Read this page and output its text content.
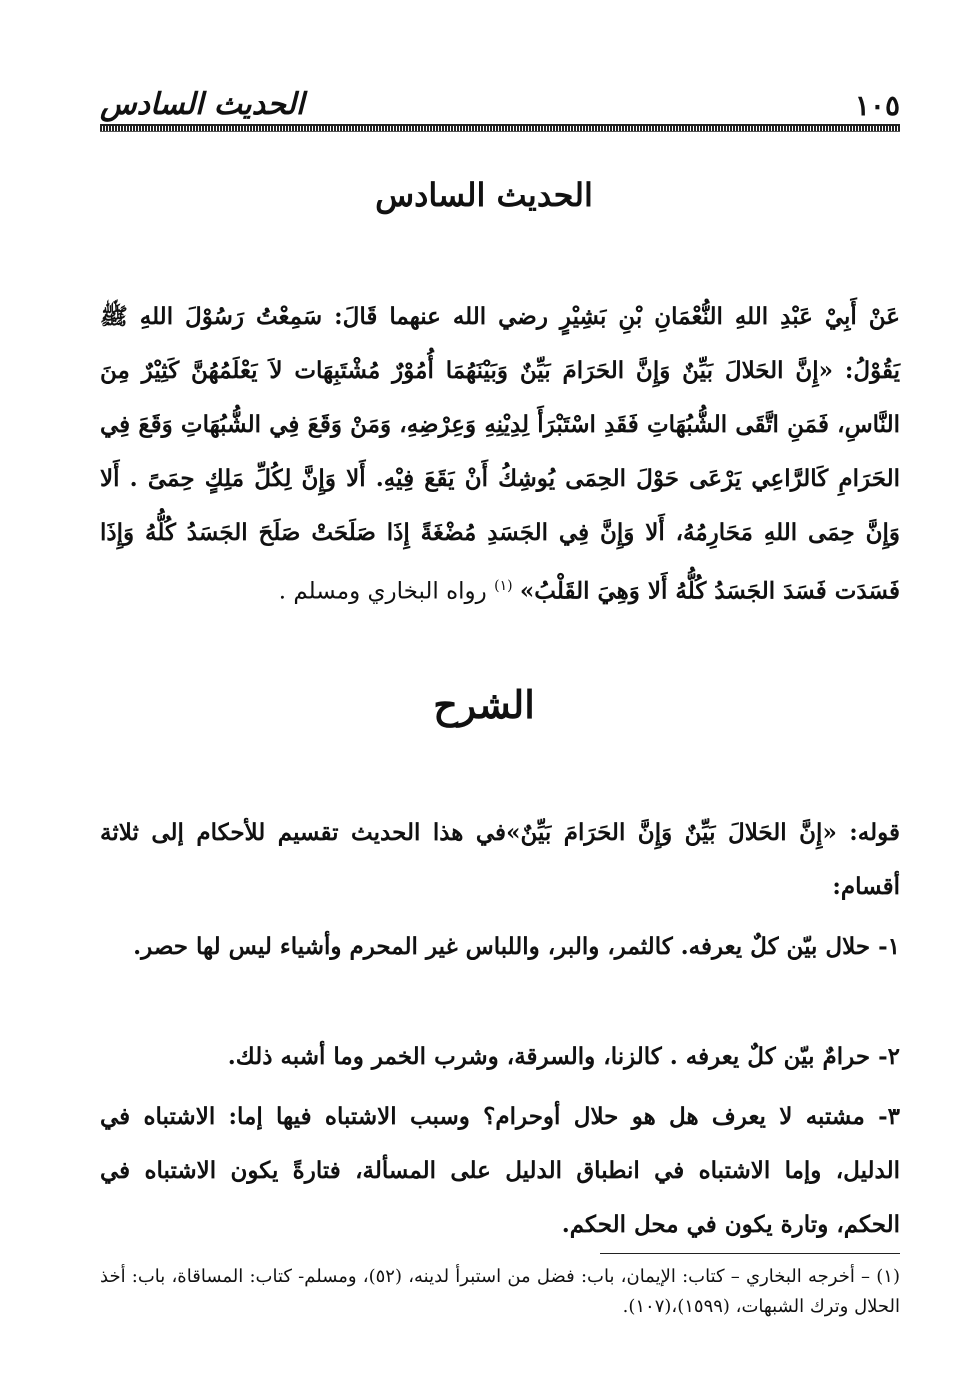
١٠٥
الحديث السادس
الحديث السادس
عَنْ أَبِيْ عَبْدِ اللهِ النُّعْمَانِ بْنِ بَشِيْرٍ رضي الله عنهما قَالَ: سَمِعْتُ رَسُوْلَ اللهِ ﷺ يَقُوْلُ: «إِنَّ الحَلالَ بَيِّنٌ وَإِنَّ الحَرَامَ بَيِّنٌ وَبَيْنَهُمَا أُمُوْرٌ مُشْتَبِهَات لاَ يَعْلَمُهُنَّ كَثِيْرٌ مِنَ النَّاسِ، فَمَنِ اتَّقَى الشُّبُهَاتِ فَقَدِ اسْتَبْرَأَ لِدِيْنِهِ وَعِرْضِهِ، وَمَنْ وَقَعَ فِي الشُّبُهَاتِ وَقَعَ فِي الحَرَامِ كَالرَّاعِي يَرْعَى حَوْلَ الحِمَى يُوشِكُ أَنْ يَقَعَ فِيْهِ. أَلا وَإِنَّ لِكُلِّ مَلِكٍ حِمَىً . أَلا وَإِنَّ حِمَى اللهِ مَحَارِمُهُ، أَلا وَإِنَّ فِي الجَسَدِ مُضْغَةً إِذَا صَلَحَتْ صَلَحَ الجَسَدُ كُلُّهُ وَإِذَا فَسَدَت فَسَدَ الجَسَدُ كُلُّهُ أَلا وَهِيَ القَلْبُ» $^{(١)}$ رواه البخاري ومسلم .
الشرح
قوله: «إِنَّ الحَلالَ بَيِّنٌ وَإِنَّ الحَرَامَ بَيِّنٌ»في هذا الحديث تقسيم للأحكام إلى ثلاثة أقسام:
١- حلال بيّن كلٌ يعرفه. كالثمر، والبر، واللباس غير المحرم وأشياء ليس لها حصر.
٢- حرامٌ بيّن كلٌ يعرفه . كالزنا، والسرقة، وشرب الخمر وما أشبه ذلك.
٣- مشتبه لا يعرف هل هو حلال أوحرام؟ وسبب الاشتباه فيها إما: الاشتباه في الدليل، وإما الاشتباه في انطباق الدليل على المسألة، فتارةً يكون الاشتباه في الحكم، وتارة يكون في محل الحكم.
(١) – أخرجه البخاري – كتاب: الإيمان، باب: فضل من استبرأ لدينه، (٥٢)، ومسلم- كتاب: المساقاة، باب: أخذ الحلال وترك الشبهات، (١٥٩٩)،(١٠٧).
